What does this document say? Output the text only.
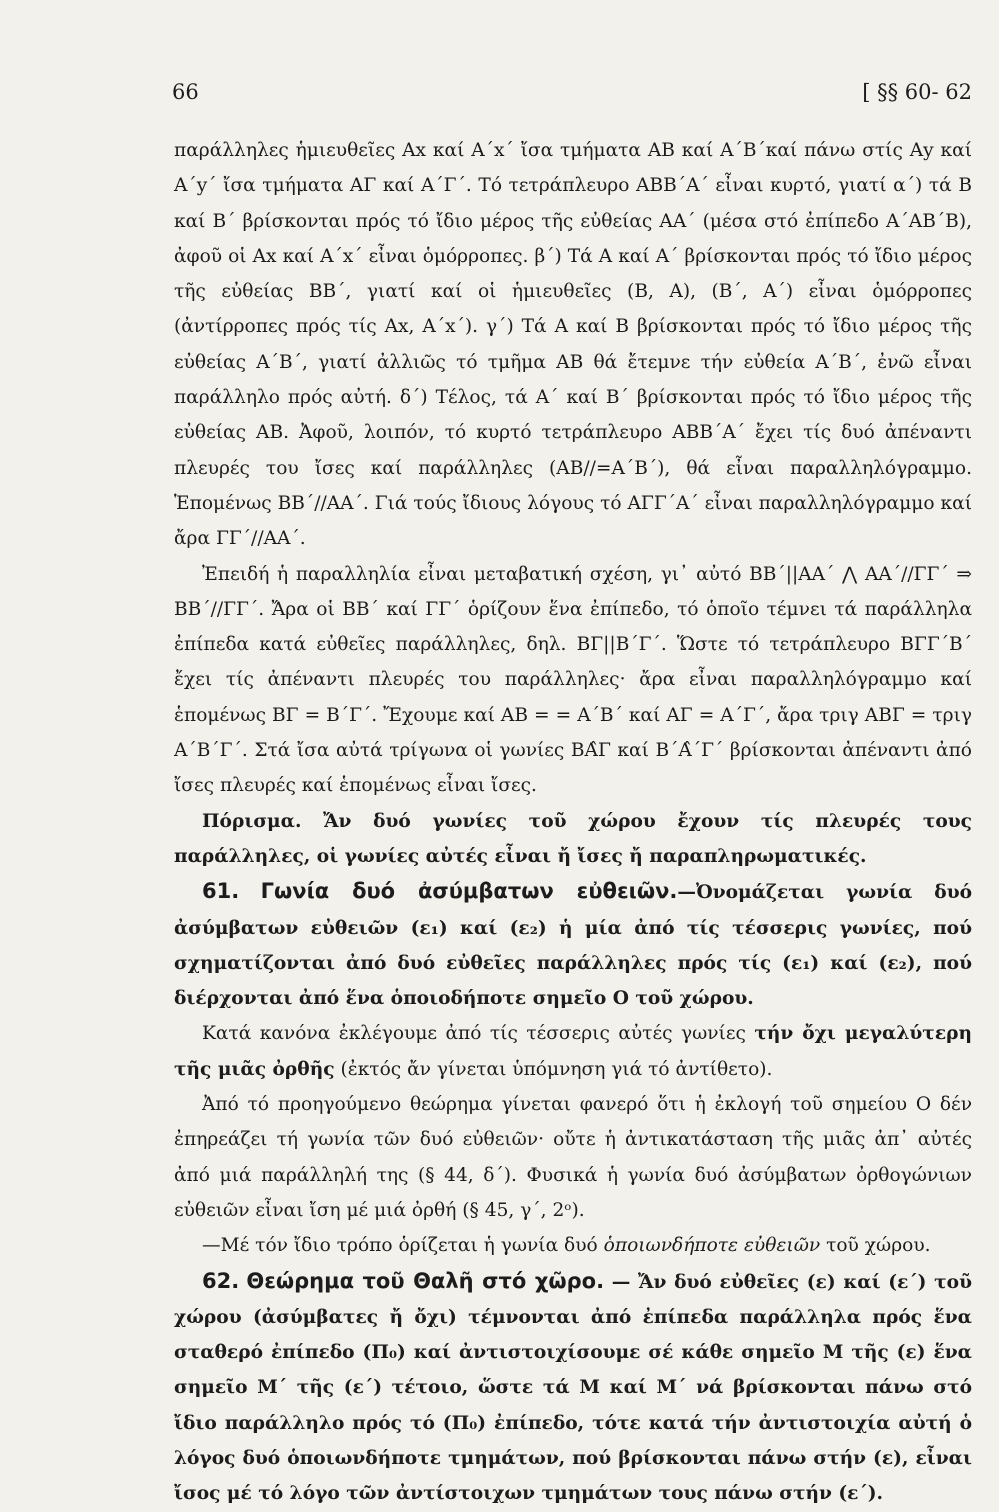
66	[ §§ 60- 62

παράλληλες ἡμιευθεῖες Αx καί Α΄x΄ ἴσα τμήματα ΑΒ καί Α΄Β΄καί πάνω στίς Αy καί Α΄y΄ ἴσα τμήματα ΑΓ καί Α΄Γ΄. Τό τετράπλευρο ΑΒΒ΄Α΄ εἶναι κυρτό, γιατί α΄) τά Β καί Β΄ βρίσκονται πρός τό ἴδιο μέρος τῆς εὐθείας ΑΑ΄ (μέσα στό ἐπίπεδο Α΄ΑΒ΄Β), ἀφοῦ οἱ Αx καί Α΄x΄ εἶναι ὁμόρροπες. β΄) Τά Α καί Α΄ βρίσκονται πρός τό ἴδιο μέρος τῆς εὐθείας ΒΒ΄, γιατί καί οἱ ἡμιευθεῖες (Β, Α), (Β΄, Α΄) εἶναι ὁμόρροπες (ἀντίρροπες πρός τίς Αx, Α΄x΄). γ΄) Τά Α καί Β βρίσκονται πρός τό ἴδιο μέρος τῆς εὐθείας Α΄Β΄, γιατί ἀλλιῶς τό τμῆμα ΑΒ θά ἔτεμνε τήν εὐθεία Α΄Β΄, ἐνῶ εἶναι παράλληλο πρός αὐτή. δ΄) Τέλος, τά Α΄ καί Β΄ βρίσκονται πρός τό ἴδιο μέρος τῆς εὐθείας ΑΒ. Ἀφοῦ, λοιπόν, τό κυρτό τετράπλευρο ΑΒΒ΄Α΄ ἔχει τίς δυό ἀπέναντι πλευρές του ἴσες καί παράλληλες (ΑΒ//=Α΄Β΄), θά εἶναι παραλληλόγραμμο. Ἑπομένως ΒΒ΄//ΑΑ΄. Γιά τούς ἴδιους λόγους τό ΑΓΓ΄Α΄ εἶναι παραλληλόγραμμο καί ἄρα ΓΓ΄//ΑΑ΄.

Ἐπειδή ἡ παραλληλία εἶναι μεταβατική σχέση, γι᾽ αὐτό ΒΒ΄||ΑΑ΄ ⋀ ΑΑ΄//ΓΓ΄ ⇒ ΒΒ΄//ΓΓ΄. Ἄρα οἱ ΒΒ΄ καί ΓΓ΄ ὁρίζουν ἕνα ἐπίπεδο, τό ὁποῖο τέμνει τά παράλληλα ἐπίπεδα κατά εὐθεῖες παράλληλες, δηλ. ΒΓ||Β΄Γ΄. Ὥστε τό τετράπλευρο ΒΓΓ΄Β΄ ἔχει τίς ἀπέναντι πλευρές του παράλληλες· ἄρα εἶναι παραλληλόγραμμο καί ἑπομένως ΒΓ = Β΄Γ΄. Ἔχουμε καί ΑΒ = = Α΄Β΄ καί ΑΓ = Α΄Γ΄, ἄρα τριγ ΑΒΓ = τριγ Α΄Β΄Γ΄. Στά ἴσα αὐτά τρίγωνα οἱ γωνίες ΒΑ̂Γ καί Β΄Α̂΄Γ΄ βρίσκονται ἀπέναντι ἀπό ἴσες πλευρές καί ἑπομένως εἶναι ἴσες.

Πόρισμα. Ἄν δυό γωνίες τοῦ χώρου ἔχουν τίς πλευρές τους παράλληλες, οἱ γωνίες αὐτές εἶναι ἤ ἴσες ἤ παραπληρωματικές.

61. Γωνία δυό ἀσύμβατων εὐθειῶν.—Ὀνομάζεται γωνία δυό ἀσύμβατων εὐθειῶν (ε₁) καί (ε₂) ἡ μία ἀπό τίς τέσσερις γωνίες, πού σχηματίζονται ἀπό δυό εὐθεῖες παράλληλες πρός τίς (ε₁) καί (ε₂), πού διέρχονται ἀπό ἕνα ὁποιοδήποτε σημεῖο Ο τοῦ χώρου.

Κατά κανόνα ἐκλέγουμε ἀπό τίς τέσσερις αὐτές γωνίες τήν ὄχι μεγαλύτερη τῆς μιᾶς ὀρθῆς (ἐκτός ἄν γίνεται ὑπόμνηση γιά τό ἀντίθετο).

Ἀπό τό προηγούμενο θεώρημα γίνεται φανερό ὅτι ἡ ἐκλογή τοῦ σημείου Ο δέν ἐπηρεάζει τή γωνία τῶν δυό εὐθειῶν· οὔτε ἡ ἀντικατάσταση τῆς μιᾶς ἀπ᾽ αὐτές ἀπό μιά παράλληλή της (§ 44, δ΄). Φυσικά ἡ γωνία δυό ἀσύμβατων ὀρθογώνιων εὐθειῶν εἶναι ἴση μέ μιά ὀρθή (§ 45, γ΄, 2ᵒ).

—Μέ τόν ἴδιο τρόπο ὁρίζεται ἡ γωνία δυό ὁποιωνδήποτε εὐθειῶν τοῦ χώρου.

62. Θεώρημα τοῦ Θαλῆ στό χῶρο. — Ἄν δυό εὐθεῖες (ε) καί (ε΄) τοῦ χώρου (ἀσύμβατες ἤ ὄχι) τέμνονται ἀπό ἐπίπεδα παράλληλα πρός ἕνα σταθερό ἐπίπεδο (Π₀) καί ἀντιστοιχίσουμε σέ κάθε σημεῖο Μ τῆς (ε) ἕνα σημεῖο Μ΄ τῆς (ε΄) τέτοιο, ὥστε τά Μ καί Μ΄ νά βρίσκονται πάνω στό ἴδιο παράλληλο πρός τό (Π₀) ἐπίπεδο, τότε κατά τήν ἀντιστοιχία αὐτή ὁ λόγος δυό ὁποιωνδήποτε τμημάτων, πού βρίσκονται πάνω στήν (ε), εἶναι ἴσος μέ τό λόγο τῶν ἀντίστοιχων τμημάτων τους πάνω στήν (ε΄).
